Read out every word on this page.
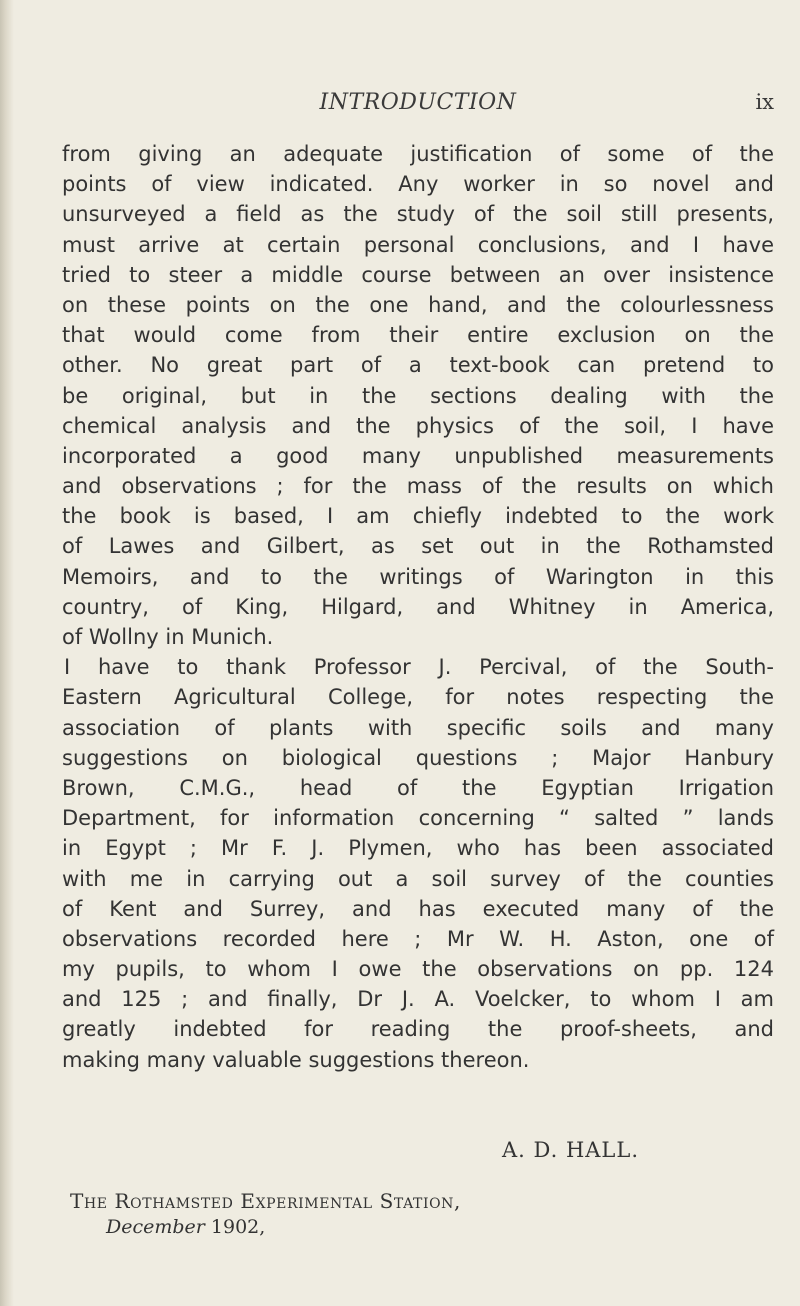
INTRODUCTION	ix
from giving an adequate justification of some of the
points of view indicated. Any worker in so novel and
unsurveyed a field as the study of the soil still presents,
must arrive at certain personal conclusions, and I have
tried to steer a middle course between an over insistence
on these points on the one hand, and the colourlessness
that would come from their entire exclusion on the
other. No great part of a text-book can pretend to
be original, but in the sections dealing with the
chemical analysis and the physics of the soil, I have
incorporated a good many unpublished measurements
and observations ; for the mass of the results on which
the book is based, I am chiefly indebted to the work
of Lawes and Gilbert, as set out in the Rothamsted
Memoirs, and to the writings of Warington in this
country, of King, Hilgard, and Whitney in America,
of Wollny in Munich.
I have to thank Professor J. Percival, of the South-
Eastern Agricultural College, for notes respecting the
association of plants with specific soils and many
suggestions on biological questions ; Major Hanbury
Brown, C.M.G., head of the Egyptian Irrigation
Department, for information concerning “ salted ” lands
in Egypt ; Mr F. J. Plymen, who has been associated
with me in carrying out a soil survey of the counties
of Kent and Surrey, and has executed many of the
observations recorded here ; Mr W. H. Aston, one of
my pupils, to whom I owe the observations on pp. 124
and 125 ; and finally, Dr J. A. Voelcker, to whom I am
greatly indebted for reading the proof-sheets, and
making many valuable suggestions thereon.
A. D. HALL.
The Rothamsted Experimental Station,
December 1902,
